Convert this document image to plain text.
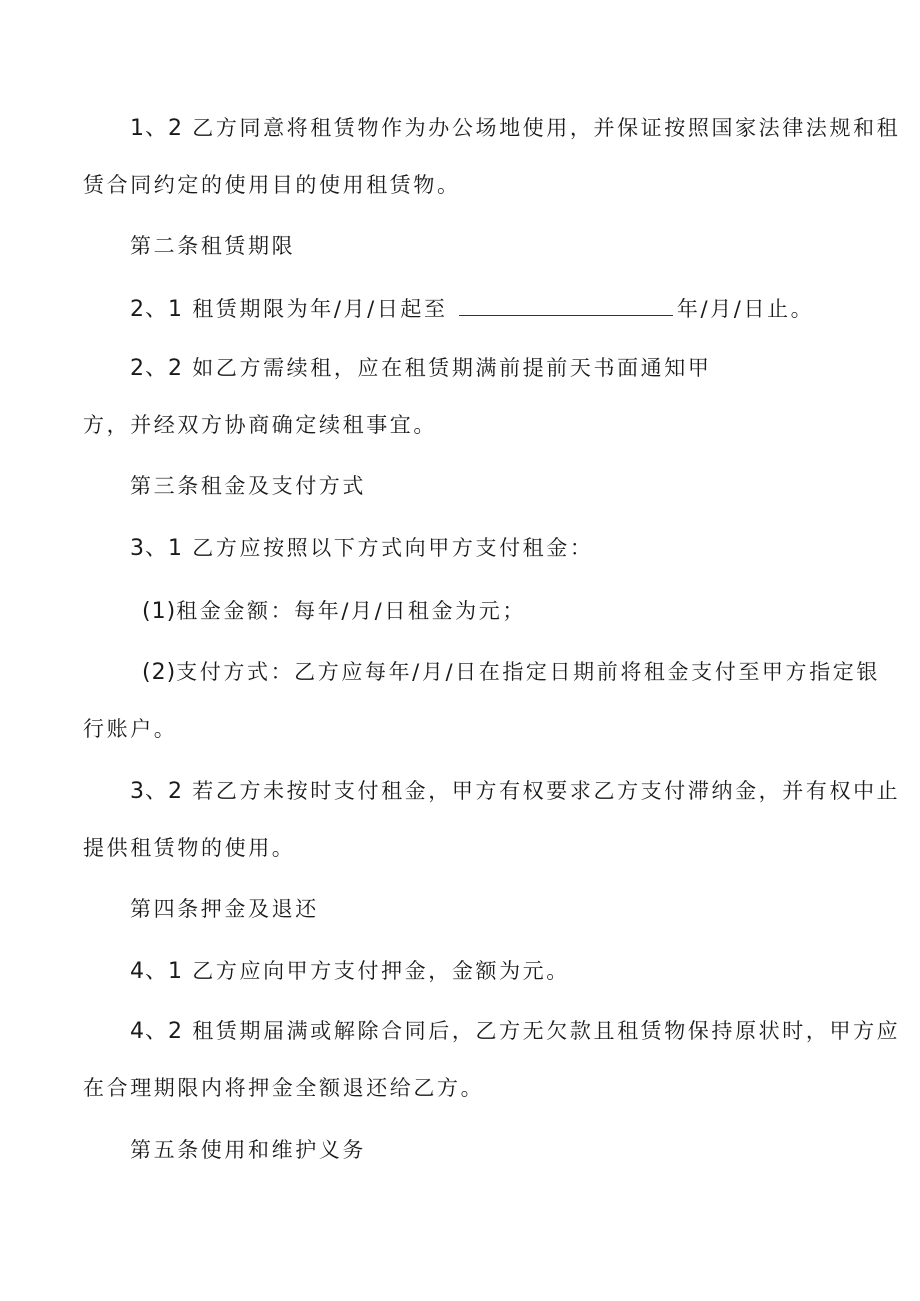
1、2 乙方同意将租赁物作为办公场地使用，并保证按照国家法律法规和租
赁合同约定的使用目的使用租赁物。
第二条租赁期限
2、1 租赁期限为年/月/日起至	年/月/日止。
2、2 如乙方需续租，应在租赁期满前提前天书面通知甲
方，并经双方协商确定续租事宜。
第三条租金及支付方式
3、1 乙方应按照以下方式向甲方支付租金：
(1)租金金额：每年/月/日租金为元；
(2)支付方式：乙方应每年/月/日在指定日期前将租金支付至甲方指定银
行账户。
3、2 若乙方未按时支付租金，甲方有权要求乙方支付滞纳金，并有权中止
提供租赁物的使用。
第四条押金及退还
4、1 乙方应向甲方支付押金，金额为元。
4、2 租赁期届满或解除合同后，乙方无欠款且租赁物保持原状时，甲方应
在合理期限内将押金全额退还给乙方。
第五条使用和维护义务
